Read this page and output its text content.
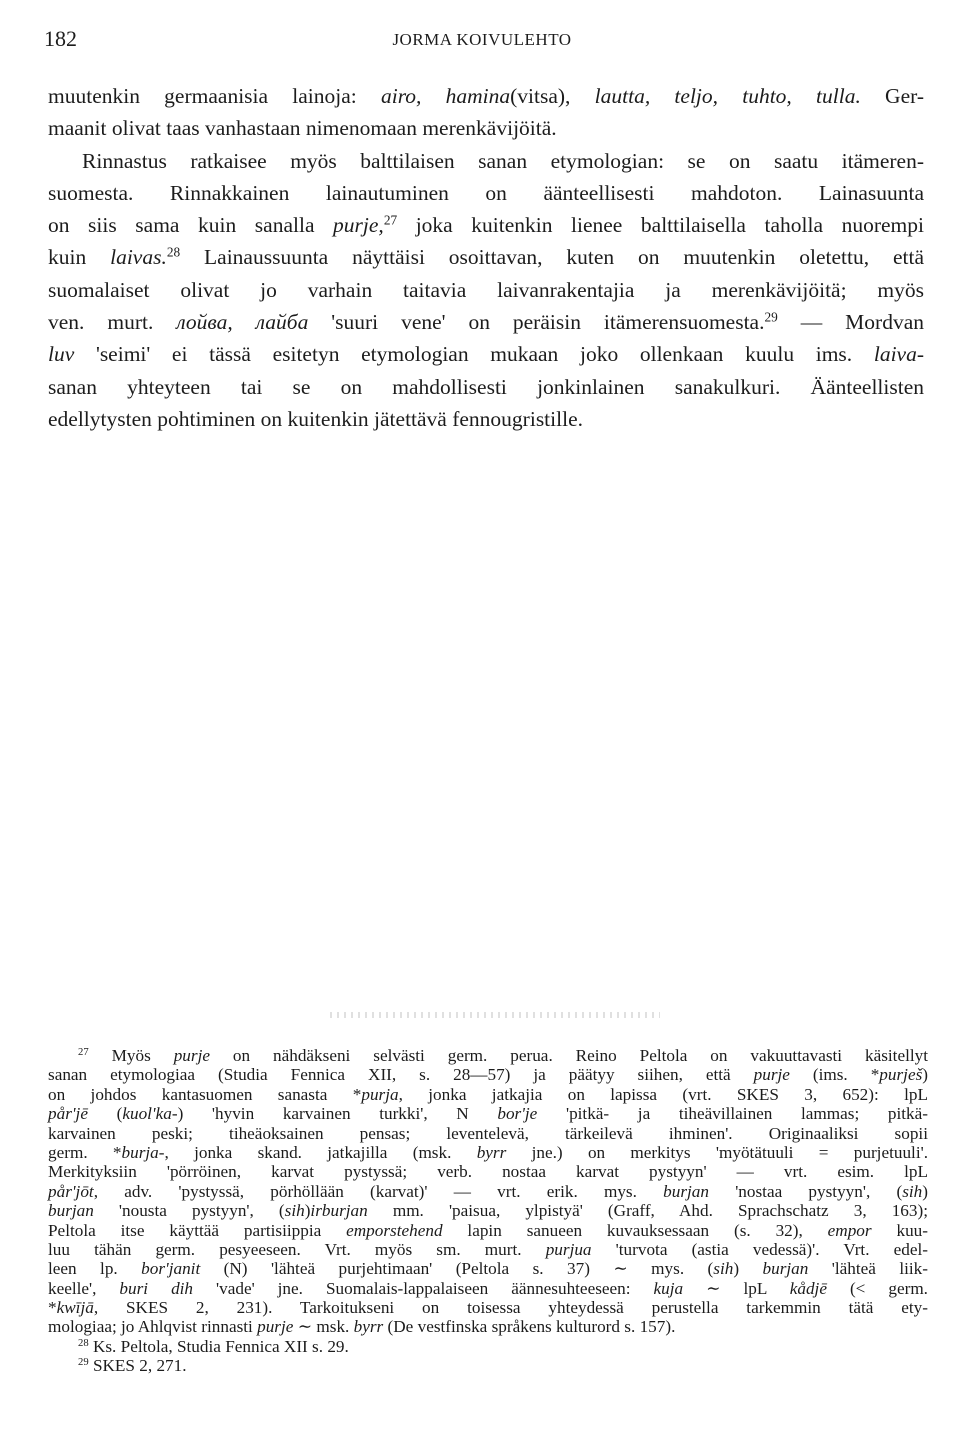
182	JORMA KOIVULEHTO
muutenkin germaanisia lainoja: airo, hamina(vitsa), lautta, teljo, tuhto, tulla. Ger-
maanit olivat taas vanhastaan nimenomaan merenkävijöitä.
Rinnastus ratkaisee myös balttilaisen sanan etymologian: se on saatu itämeren-
suomesta. Rinnakkainen lainautuminen on äänteellisesti mahdoton. Lainasuunta
on siis sama kuin sanalla purje,$^{27}$ joka kuitenkin lienee balttilaisella taholla nuorempi
kuin laivas.$^{28}$ Lainaussuunta näyttäisi osoittavan, kuten on muutenkin oletettu, että
suomalaiset olivat jo varhain taitavia laivanrakentajia ja merenkävijöitä; myös
ven. murt. лойва, лайба 'suuri vene' on peräisin itämerensuomesta.$^{29}$ — Mordvan
luv 'seimi' ei tässä esitetyn etymologian mukaan joko ollenkaan kuulu ims. laiva-
sanan yhteyteen tai se on mahdollisesti jonkinlainen sanakulkuri. Äänteellisten
edellytysten pohtiminen on kuitenkin jätettävä fennougristille.
$^{27}$ Myös purje on nähdäkseni selvästi germ. perua. Reino Peltola on vakuuttavasti käsitellyt
sanan etymologiaa (Studia Fennica XII, s. 28—57) ja päätyy siihen, että purje (ims. *purješ)
on johdos kantasuomen sanasta *purja, jonka jatkajia on lapissa (vrt. SKES 3, 652): lpL
pår'jē (kuol'ka-) 'hyvin karvainen turkki', N bor'je 'pitkä- ja tiheävillainen lammas; pitkä-
karvainen peski; tiheäoksainen pensas; leventelevä, tärkeilevä ihminen'. Originaaliksi sopii
germ. *burja-, jonka skand. jatkajilla (msk. byrr jne.) on merkitys 'myötätuuli = purjetuuli'.
Merkityksiin 'pörröinen, karvat pystyssä; verb. nostaa karvat pystyyn' — vrt. esim. lpL
pår'jōt, adv. 'pystyssä, pörhöllään (karvat)' — vrt. erik. mys. burjan 'nostaa pystyyn', (sih)
burjan 'nousta pystyyn', (sih)irburjan mm. 'paisua, ylpistyä' (Graff, Ahd. Sprachschatz 3, 163);
Peltola itse käyttää partisiippia emporstehend lapin sanueen kuvauksessaan (s. 32), empor kuu-
luu tähän germ. pesyeeseen. Vrt. myös sm. murt. purjua 'turvota (astia vedessä)'. Vrt. edel-
leen lp. bor'janit (N) 'lähteä purjehtimaan' (Peltola s. 37) ∼ mys. (sih) burjan 'lähteä liik-
keelle', buri dih 'vade' jne. Suomalais-lappalaiseen äännesuhteeseen: kuja ∼ lpL kådjē (< germ.
*kwījā, SKES 2, 231). Tarkoitukseni on toisessa yhteydessä perustella tarkemmin tätä ety-
mologiaa; jo Ahlqvist rinnasti purje ∼ msk. byrr (De vestfinska språkens kulturord s. 157).
$^{28}$ Ks. Peltola, Studia Fennica XII s. 29.
$^{29}$ SKES 2, 271.
